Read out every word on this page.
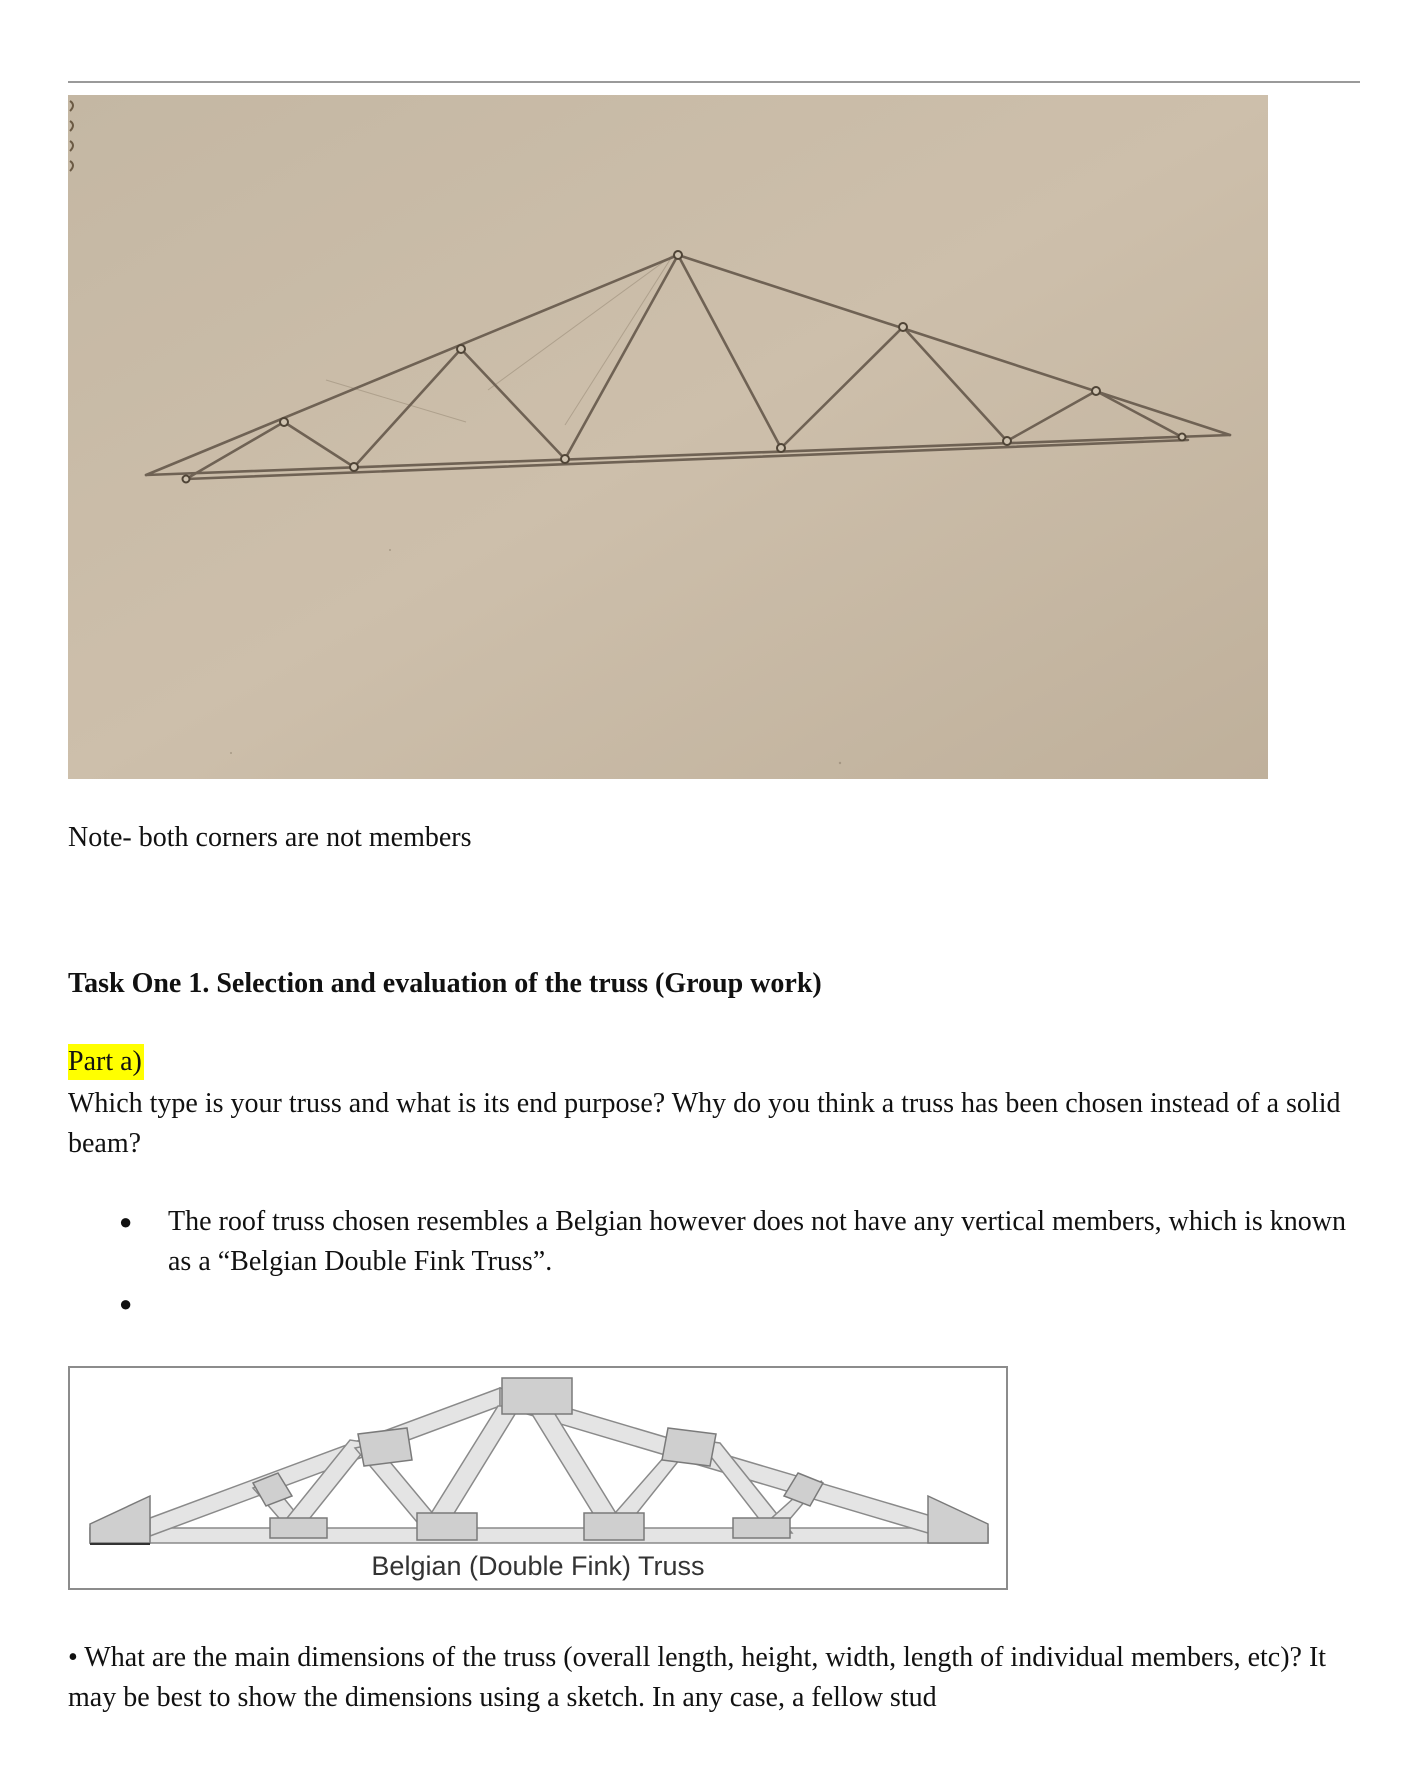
Note- both corners are not members
Task One 1. Selection and evaluation of the truss (Group work)
Part a)
Which type is your truss and what is its end purpose? Why do you think a truss has been chosen instead of a solid beam?
● The roof truss chosen resembles a Belgian however does not have any vertical members, which is known as a “Belgian Double Fink Truss”.
●
Belgian (Double Fink) Truss
• What are the main dimensions of the truss (overall length, height, width, length of individual members, etc)? It may be best to show the dimensions using a sketch. In any case, a fellow stud
